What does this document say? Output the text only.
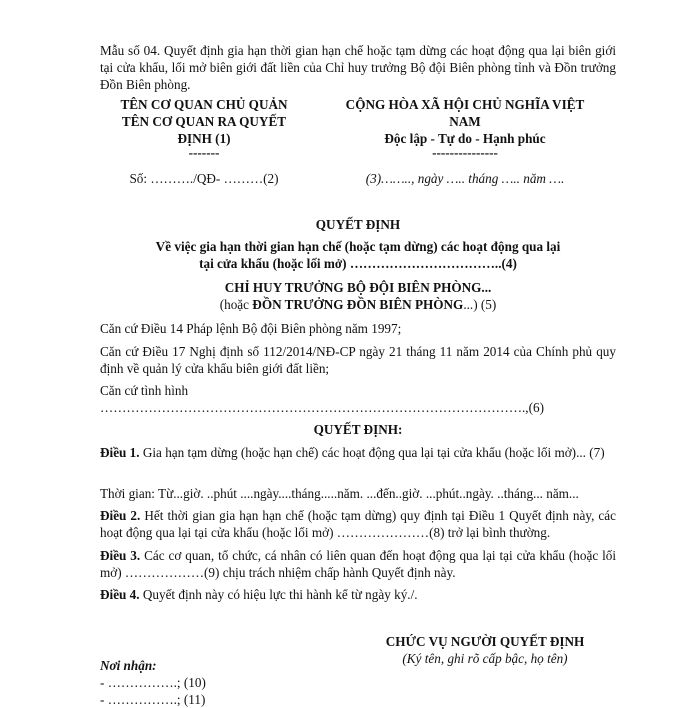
Mẫu số 04. Quyết định gia hạn thời gian hạn chế hoặc tạm dừng các hoạt động qua lại biên giới tại cửa khẩu, lối mở biên giới đất liền của Chỉ huy trưởng Bộ đội Biên phòng tỉnh và Đồn trưởng Đồn Biên phòng.

TÊN CƠ QUAN CHỦ QUẢN
TÊN CƠ QUAN RA QUYẾT
ĐỊNH (1)
-------
Số: ………./QĐ- ………(2)
CỘNG HÒA XÃ HỘI CHỦ NGHĨA VIỆT
NAM
Độc lập - Tự do - Hạnh phúc
---------------
(3)…….., ngày ….. tháng ….. năm ….
QUYẾT ĐỊNH
Về việc gia hạn thời gian hạn chế (hoặc tạm dừng) các hoạt động qua lại
tại cửa khẩu (hoặc lối mở) ……………………………..(4)
CHỈ HUY TRƯỞNG BỘ ĐỘI BIÊN PHÒNG...
(hoặc ĐỒN TRƯỞNG ĐỒN BIÊN PHÒNG...) (5)

Căn cứ Điều 14 Pháp lệnh Bộ đội Biên phòng năm 1997;

Căn cứ Điều 17 Nghị định số 112/2014/NĐ-CP ngày 21 tháng 11 năm 2014 của Chính phủ quy định về quản lý cửa khẩu biên giới đất liền;

Căn cứ tình hình

…………………………………………………………………………………….,(6)

QUYẾT ĐỊNH:

Điều 1. Gia hạn tạm dừng (hoặc hạn chế) các hoạt động qua lại tại cửa khẩu (hoặc lối mở)... (7)

Thời gian: Từ...giờ. ..phút ....ngày....tháng.....năm. ...đến..giờ. ...phút..ngày. ..tháng... năm...

Điều 2. Hết thời gian gia hạn hạn chế (hoặc tạm dừng) quy định tại Điều 1 Quyết định này, các hoạt động qua lại tại cửa khẩu (hoặc lối mở) …………………(8) trở lại bình thường.

Điều 3. Các cơ quan, tổ chức, cá nhân có liên quan đến hoạt động qua lại tại cửa khẩu (hoặc lối mở) ………………(9) chịu trách nhiệm chấp hành Quyết định này.

Điều 4. Quyết định này có hiệu lực thi hành kể từ ngày ký./.

CHỨC VỤ NGƯỜI QUYẾT ĐỊNH
(Ký tên, ghi rõ cấp bậc, họ tên)
Nơi nhận:
- …………….; (10)
- …………….; (11)
